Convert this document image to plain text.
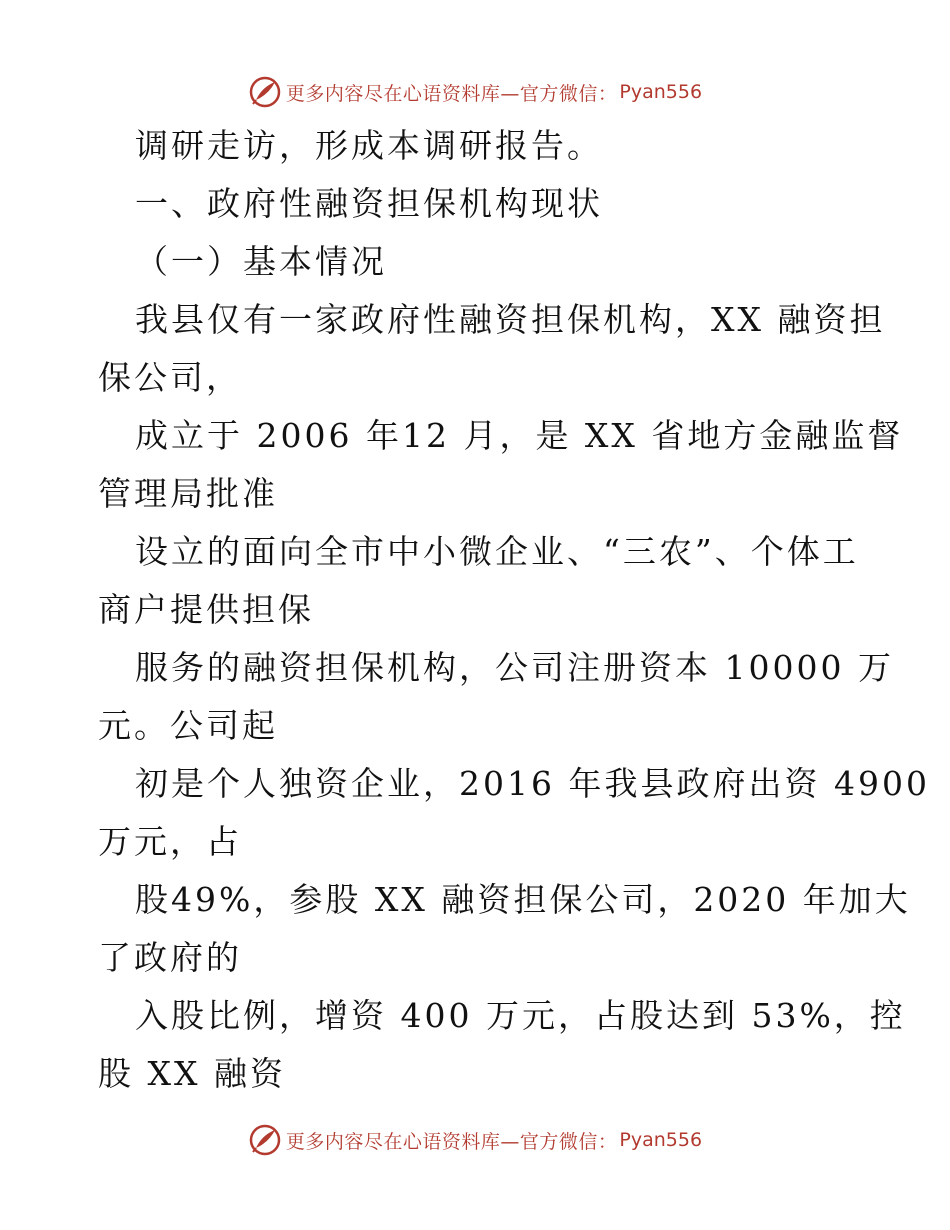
更多内容尽在心语资料库—官方微信： Pyan556
调研走访，形成本调研报告。
一、政府性融资担保机构现状
（一）基本情况
我县仅有一家政府性融资担保机构，XX 融资担
保公司，
成立于 2006 年12 月，是 XX 省地方金融监督
管理局批准
设立的面向全市中小微企业、“三农”、个体工
商户提供担保
服务的融资担保机构，公司注册资本 10000 万
元。公司起
初是个人独资企业，2016 年我县政府出资 4900
万元，占
股49%，参股 XX 融资担保公司，2020 年加大
了政府的
入股比例，增资 400 万元，占股达到 53%，控
股 XX 融资
更多内容尽在心语资料库—官方微信： Pyan556
